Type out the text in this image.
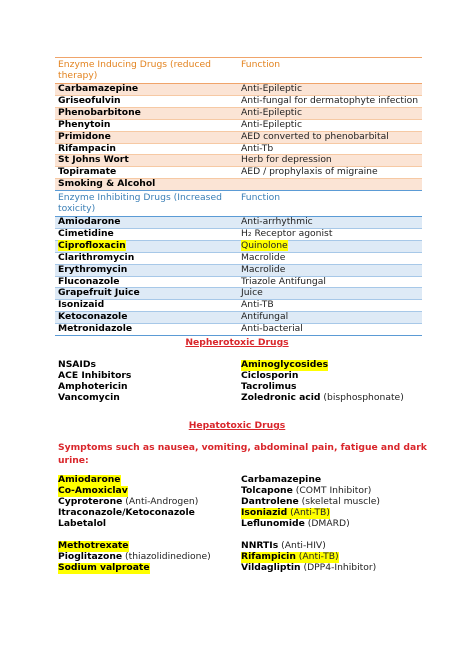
Enzyme Inducing Drugs (reduced therapy)	Function
Carbamazepine	Anti-Epileptic
Griseofulvin	Anti-fungal for dermatophyte infection
Phenobarbitone	Anti-Epileptic
Phenytoin	Anti-Epileptic
Primidone	AED converted to phenobarbital
Rifampacin	Anti-Tb
St Johns Wort	Herb for depression
Topiramate	AED / prophylaxis of migraine
Smoking & Alcohol	
Enzyme Inhibiting Drugs (Increased toxicity)	Function
Amiodarone	Anti-arrhythmic
Cimetidine	H₂ Receptor agonist
Ciprofloxacin	Quinolone
Clarithromycin	Macrolide
Erythromycin	Macrolide
Fluconazole	Triazole Antifungal
Grapefruit Juice	Juice
Isonizaid	Anti-TB
Ketoconazole	Antifungal
Metronidazole	Anti-bacterial
Nepherotoxic Drugs
NSAIDs	Aminoglycosides
ACE Inhibitors	Ciclosporin
Amphotericin	Tacrolimus
Vancomycin	Zoledronic acid (bisphosphonate)
Hepatotoxic Drugs
Symptoms such as nausea, vomiting, abdominal pain, fatigue and dark urine:
Amiodarone	Carbamazepine
Co-Amoxiclav	Tolcapone (COMT Inhibitor)
Cyproterone (Anti-Androgen)	Dantrolene (skeletal muscle)
Itraconazole/Ketoconazole	Isoniazid (Anti-TB)
Labetalol	Leflunomide (DMARD)
Methotrexate	NNRTIs (Anti-HIV)
Pioglitazone (thiazolidinedione)	Rifampicin (Anti-TB)
Sodium valproate	Vildagliptin (DPP4-Inhibitor)
